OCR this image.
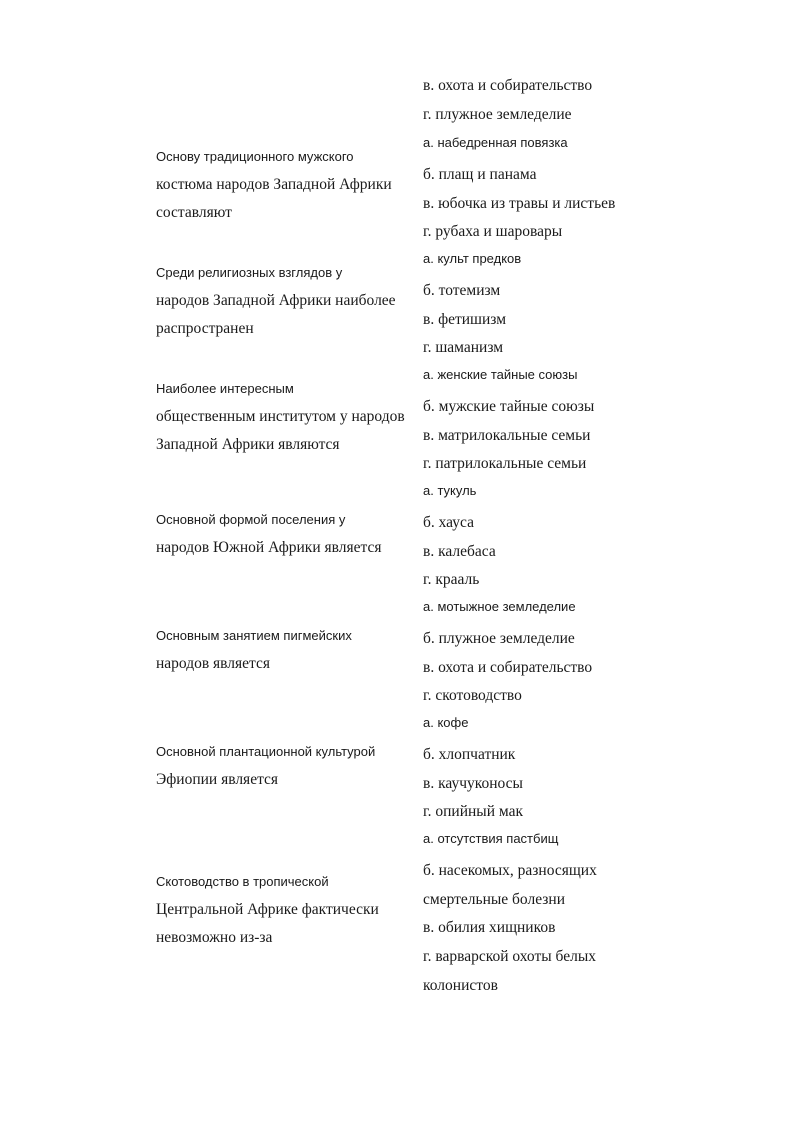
в. охота и собирательство
г. плужное земледелие
Основу традиционного мужского
костюма народов Западной Африки составляют
а. набедренная повязка
б. плащ и панама
в. юбочка из травы и листьев
г. рубаха и шаровары
Среди религиозных взглядов у
народов Западной Африки наиболее распространен
а. культ предков
б. тотемизм
в. фетишизм
г. шаманизм
Наиболее интересным
общественным институтом у народов Западной Африки являются
а. женские тайные союзы
б. мужские тайные союзы
в. матрилокальные семьи
г. патрилокальные семьи
Основной формой поселения у
народов Южной Африки является
а. тукуль
б. хауса
в. калебаса
г. крааль
Основным занятием пигмейских
народов является
а. мотыжное земледелие
б. плужное земледелие
в. охота и собирательство
г. скотоводство
Основной плантационной культурой
Эфиопии является
а. кофе
б. хлопчатник
в. каучуконосы
г. опийный мак
Скотоводство в тропической
Центральной Африке фактически невозможно из-за
а. отсутствия пастбищ
б. насекомых, разносящих смертельные болезни
в. обилия хищников
г. варварской охоты белых колонистов
